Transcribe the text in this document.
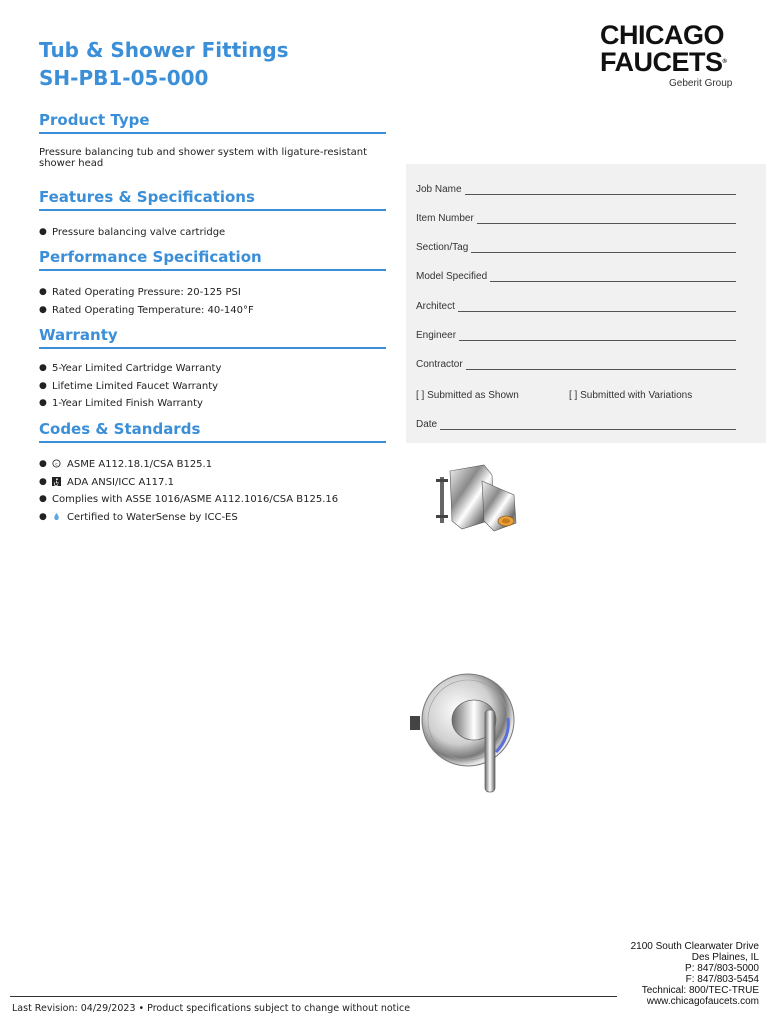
Tub & Shower Fittings
SH-PB1-05-000
CHICAGO
FAUCETS®
Geberit Group
Product Type
Pressure balancing tub and shower system with ligature-resistant shower head
Features & Specifications
● Pressure balancing valve cartridge
Performance Specification
● Rated Operating Pressure: 20-125 PSI
● Rated Operating Temperature: 40-140°F
Warranty
● 5-Year Limited Cartridge Warranty
● Lifetime Limited Faucet Warranty
● 1-Year Limited Finish Warranty
Codes & Standards
● c ASME A112.18.1/CSA B125.1
● ADA ANSI/ICC A117.1
● Complies with ASSE 1016/ASME A112.1016/CSA B125.16
● Certified to WaterSense by ICC-ES
Job Name
Item Number
Section/Tag
Model Specified
Architect
Engineer
Contractor
[ ] Submitted as Shown	[ ] Submitted with Variations
Date
2100 South Clearwater Drive
Des Plaines, IL
P: 847/803-5000
F: 847/803-5454
Technical: 800/TEC-TRUE
www.chicagofaucets.com
Last Revision: 04/29/2023 • Product specifications subject to change without notice
